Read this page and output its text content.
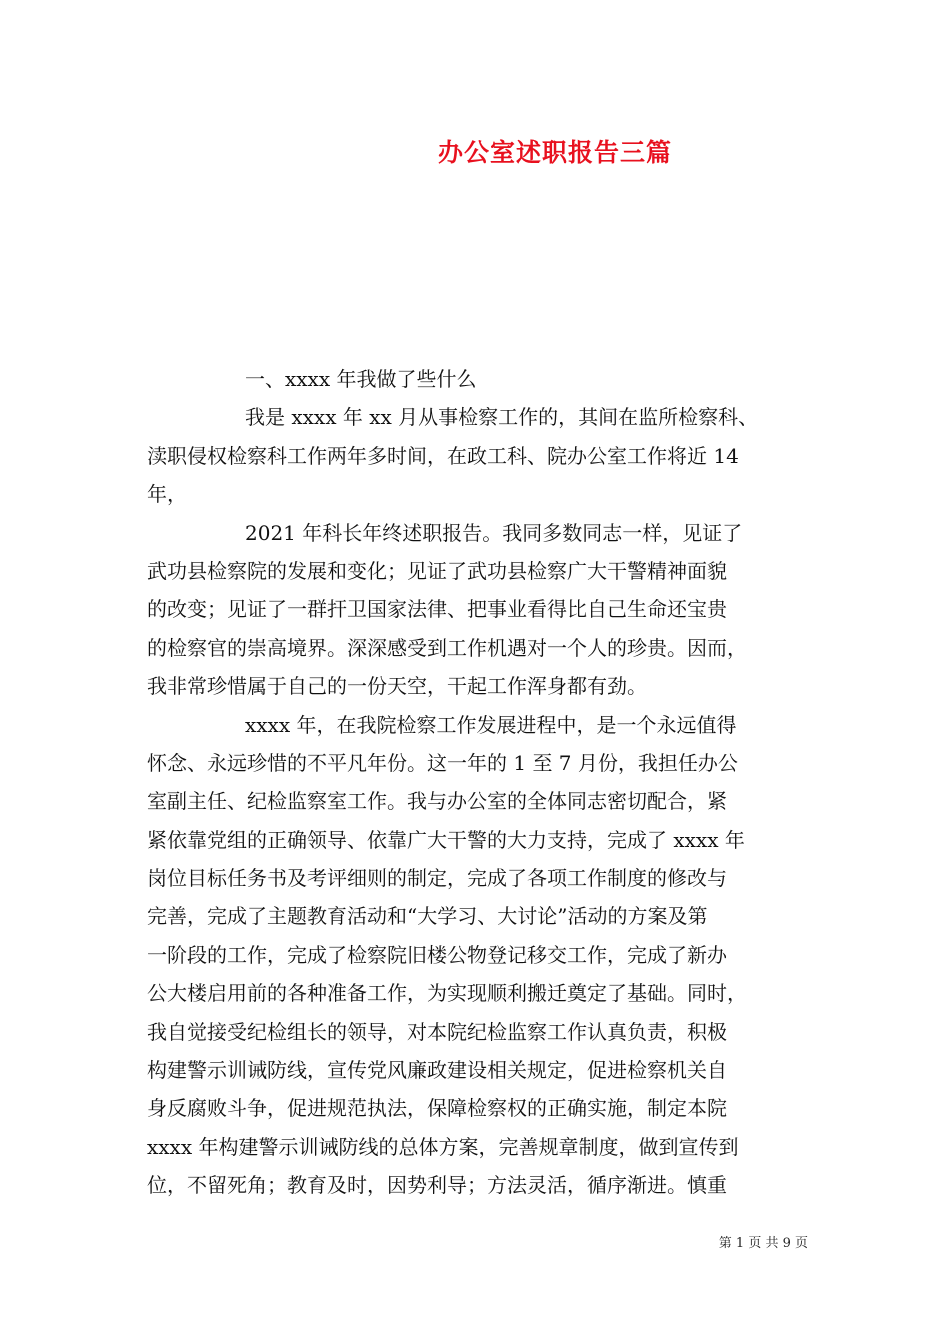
办公室述职报告三篇
一、xxxx 年我做了些什么
我是 xxxx 年 xx 月从事检察工作的，其间在监所检察科、
渎职侵权检察科工作两年多时间，在政工科、院办公室工作将近 14
年，
2021 年科长年终述职报告。我同多数同志一样，见证了
武功县检察院的发展和变化；见证了武功县检察广大干警精神面貌
的改变；见证了一群扞卫国家法律、把事业看得比自己生命还宝贵
的检察官的崇高境界。深深感受到工作机遇对一个人的珍贵。因而，
我非常珍惜属于自己的一份天空，干起工作浑身都有劲。
xxxx 年，在我院检察工作发展进程中，是一个永远值得
怀念、永远珍惜的不平凡年份。这一年的 1 至 7 月份，我担任办公
室副主任、纪检监察室工作。我与办公室的全体同志密切配合，紧
紧依靠党组的正确领导、依靠广大干警的大力支持，完成了 xxxx 年
岗位目标任务书及考评细则的制定，完成了各项工作制度的修改与
完善，完成了主题教育活动和“大学习、大讨论”活动的方案及第
一阶段的工作，完成了检察院旧楼公物登记移交工作，完成了新办
公大楼启用前的各种准备工作，为实现顺利搬迁奠定了基础。同时，
我自觉接受纪检组长的领导，对本院纪检监察工作认真负责，积极
构建警示训诫防线，宣传党风廉政建设相关规定，促进检察机关自
身反腐败斗争，促进规范执法，保障检察权的正确实施，制定本院
xxxx 年构建警示训诫防线的总体方案，完善规章制度，做到宣传到
位，不留死角；教育及时，因势利导；方法灵活，循序渐进。慎重
第 1 页 共 9 页
